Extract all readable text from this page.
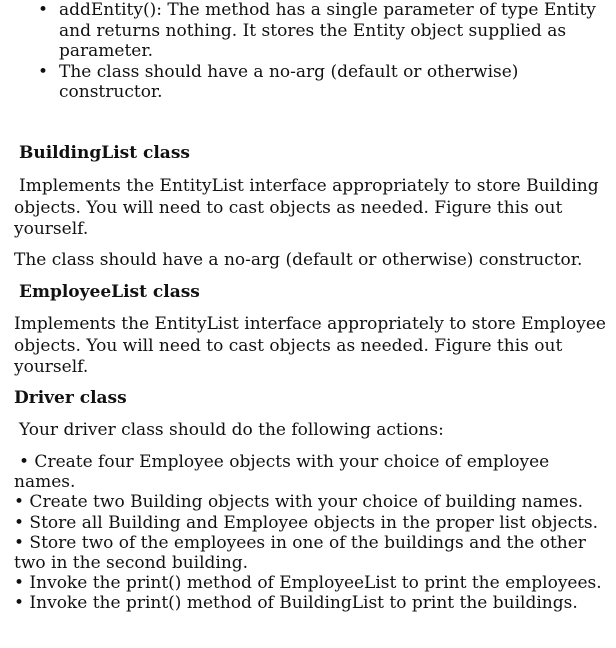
• addEntity(): The method has a single parameter of type Entity
and returns nothing. It stores the Entity object supplied as
parameter.
• The class should have a no-arg (default or otherwise)
constructor.
BuildingList class
Implements the EntityList interface appropriately to store Building
objects. You will need to cast objects as needed. Figure this out
yourself.
The class should have a no-arg (default or otherwise) constructor.
EmployeeList class
Implements the EntityList interface appropriately to store Employee
objects. You will need to cast objects as needed. Figure this out
yourself.
Driver class
Your driver class should do the following actions:
• Create four Employee objects with your choice of employee
names.
• Create two Building objects with your choice of building names.
• Store all Building and Employee objects in the proper list objects.
• Store two of the employees in one of the buildings and the other
two in the second building.
• Invoke the print() method of EmployeeList to print the employees.
• Invoke the print() method of BuildingList to print the buildings.
